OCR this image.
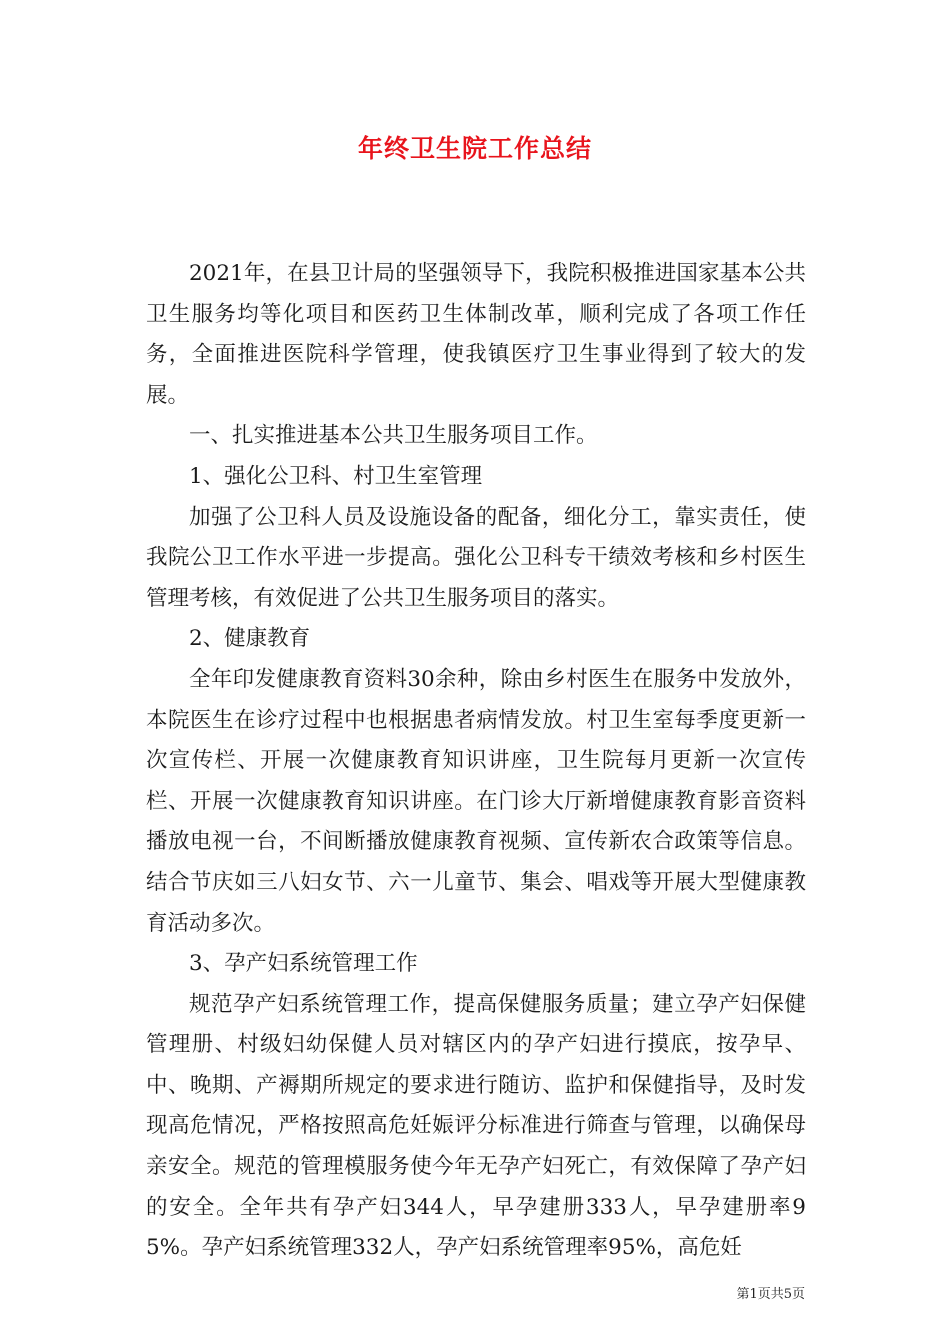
年终卫生院工作总结

2021年，在县卫计局的坚强领导下，我院积极推进国家基本公共卫生服务均等化项目和医药卫生体制改革，顺利完成了各项工作任务，全面推进医院科学管理，使我镇医疗卫生事业得到了较大的发展。

一、扎实推进基本公共卫生服务项目工作。

1、强化公卫科、村卫生室管理

加强了公卫科人员及设施设备的配备，细化分工，靠实责任，使我院公卫工作水平进一步提高。强化公卫科专干绩效考核和乡村医生管理考核，有效促进了公共卫生服务项目的落实。

2、健康教育

全年印发健康教育资料30余种，除由乡村医生在服务中发放外，本院医生在诊疗过程中也根据患者病情发放。村卫生室每季度更新一次宣传栏、开展一次健康教育知识讲座，卫生院每月更新一次宣传栏、开展一次健康教育知识讲座。在门诊大厅新增健康教育影音资料播放电视一台，不间断播放健康教育视频、宣传新农合政策等信息。结合节庆如三八妇女节、六一儿童节、集会、唱戏等开展大型健康教育活动多次。

3、孕产妇系统管理工作

规范孕产妇系统管理工作，提高保健服务质量；建立孕产妇保健管理册、村级妇幼保健人员对辖区内的孕产妇进行摸底，按孕早、中、晚期、产褥期所规定的要求进行随访、监护和保健指导，及时发现高危情况，严格按照高危妊娠评分标准进行筛查与管理，以确保母亲安全。规范的管理模服务使今年无孕产妇死亡，有效保障了孕产妇的安全。全年共有孕产妇344人，早孕建册333人，早孕建册率95%。孕产妇系统管理332人，孕产妇系统管理率95%，高危妊

第1页共5页
